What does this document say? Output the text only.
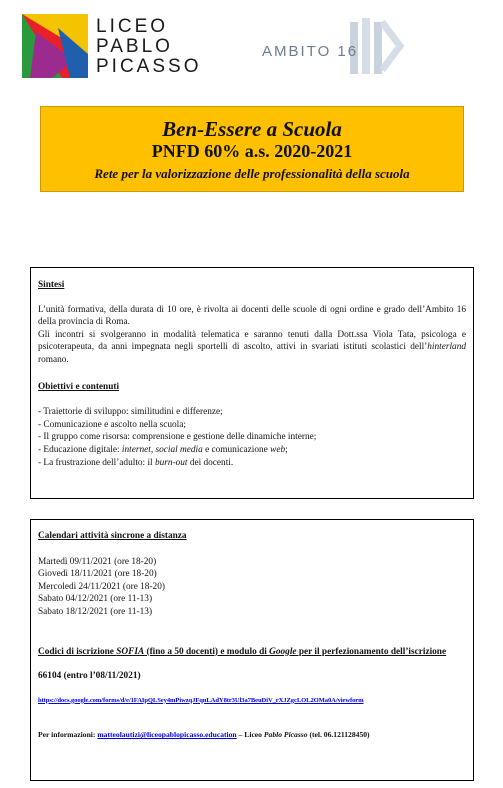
LICEO
PABLO
PICASSO
AMBITO 16
Ben-Essere a Scuola
PNFD 60% a.s. 2020-2021
Rete per la valorizzazione delle professionalità della scuola

Sintesi

L’unità formativa, della durata di 10 ore, è rivolta ai docenti delle scuole di ogni ordine e grado dell’Ambito 16 della provincia di Roma.

Gli incontri si svolgeranno in modalità telematica e saranno tenuti dalla Dott.ssa Viola Tata, psicologa e psicoterapeuta, da anni impegnata negli sportelli di ascolto, attivi in svariati istituti scolastici dell’hinterland romano.

Obiettivi e contenuti

- Traiettorie di sviluppo: similitudini e differenze;

- Comunicazione e ascolto nella scuola;

- Il gruppo come risorsa: comprensione e gestione delle dinamiche interne;

- Educazione digitale: internet, social media e comunicazione web;

- La frustrazione dell’adulto: il burn-out dei docenti.

Calendari attività sincrone a distanza

Martedì 09/11/2021 (ore 18-20)

Giovedì 18/11/2021 (ore 18-20)

Mercoledì 24/11/2021 (ore 18-20)

Sabato 04/12/2021 (ore 11-13)

Sabato 18/12/2021 (ore 11-13)

Codici di iscrizione SOFIA (fino a 50 docenti) e modulo di Google per il perfezionamento dell’iscrizione

66104 (entro l’08/11/2021)

https://docs.google.com/forms/d/e/1FAIpQLSey4mPiwzqJFqnLAdY8tr3Ul3a7BeuDiV_rXJZgcLOL2OMa0A/viewform

Per informazioni: matteolautizi@liceopablopicasso.education – Liceo Pablo Picasso (tel. 06.121128450)
